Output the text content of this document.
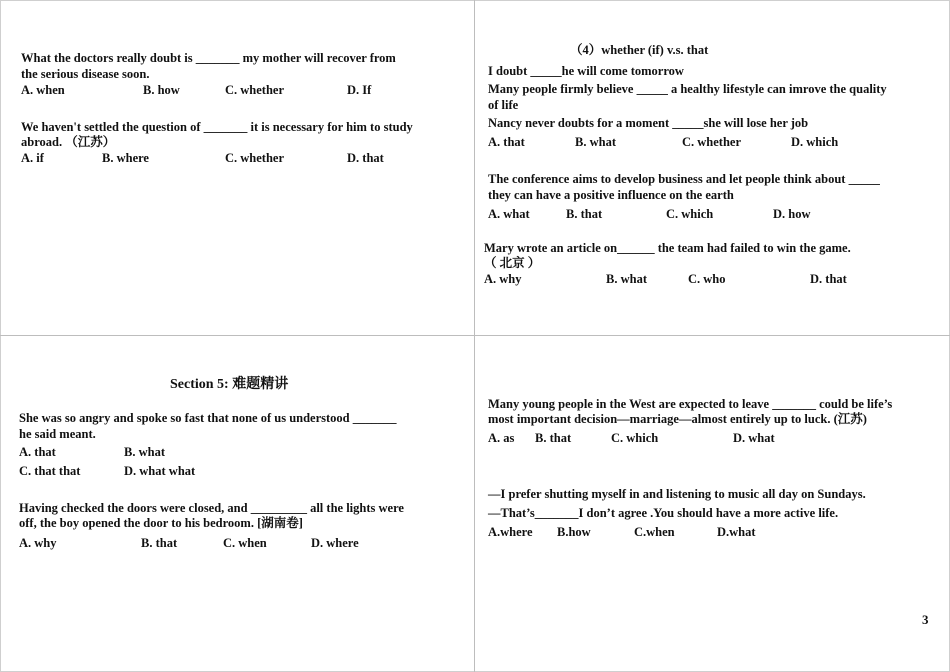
What the doctors really doubt is _______ my mother will recover from
the serious disease soon.
A. when	B. how	C. whether	D. If
We haven't settled the question of _______ it is necessary for him to study
abroad. （江苏）
A. if	B. where	C. whether	D. that
（4）whether (if) v.s. that
I doubt _____he will come tomorrow
Many people firmly believe _____ a healthy lifestyle can imrove the quality
of life
Nancy never doubts for a moment _____she will lose her job
A. that	B. what	C. whether	D. which
The conference aims to develop business and let people think about _____
they can have a positive influence on the earth
A. what	B. that	C. which	D. how
Mary wrote an article on______ the team had failed to win the game.
（ 北京 ）
A. why	B. what	C. who	D. that
Section 5: 难题精讲
She was so angry and spoke so fast that none of us understood _______
he said meant.
A. that	B. what
C. that that	D. what what
Having checked the doors were closed, and _________ all the lights were
off, the boy opened the door to his bedroom. [湖南卷]
A. why	B. that	C. when	D. where
Many young people in the West are expected to leave _______ could be life’s
most important decision—marriage—almost entirely up to luck. (江苏)
A. as B. that	C. which	D. what
—I prefer shutting myself in and listening to music all day on Sundays.
—That’s_______I don’t agree .You should have a more active life.
A.where B.how	C.when	D.what
3
